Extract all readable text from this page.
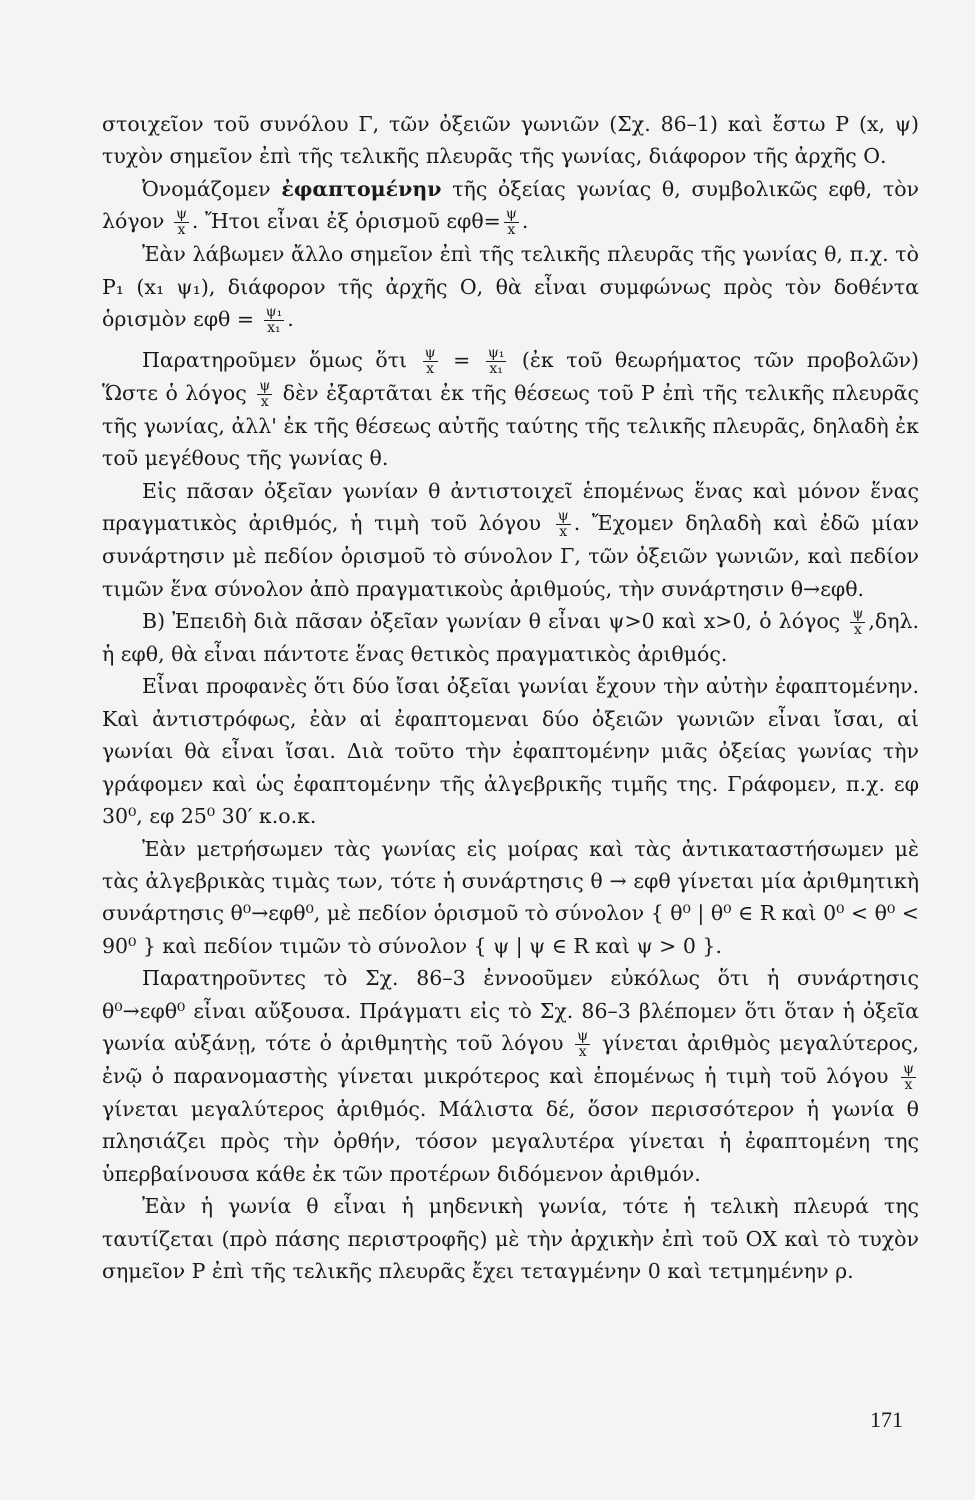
στοιχεῖον τοῦ συνόλου Γ, τῶν ὀξειῶν γωνιῶν (Σχ. 86–1) καὶ ἔστω Ρ (x, ψ) τυχὸν σημεῖον ἐπὶ τῆς τελικῆς πλευρᾶς τῆς γωνίας, διάφορον τῆς ἀρχῆς Ο.

Ὀνομάζομεν ἐφαπτομένην τῆς ὀξείας γωνίας θ, συμβολικῶς εφθ, τὸν λόγον $\frac{\psi}{x}$ . Ἤτοι εἶναι ἐξ ὁρισμοῦ $\varepsilon\varphi\theta= \frac{\psi}{x}$ .

Ἐὰν λάβωμεν ἄλλο σημεῖον ἐπὶ τῆς τελικῆς πλευρᾶς τῆς γωνίας θ, π.χ. τὸ Ρ₁ (x₁ ψ₁), διάφορον τῆς ἀρχῆς Ο, θὰ εἶναι συμφώνως πρὸς τὸν δοθέντα ὁρισμὸν $\varepsilon\varphi\theta = \frac{\text{ψ₁}}{\text{x₁}}$ .

Παρατηροῦμεν ὅμως ὅτι $\frac{\psi}{x} = \frac{\text{ψ₁}}{\text{x₁}}$ (ἐκ τοῦ θεωρήματος τῶν προβολῶν) Ὥστε ὁ λόγος $\frac{\psi}{x}$ δὲν ἐξαρτᾶται ἐκ τῆς θέσεως τοῦ Ρ ἐπὶ τῆς τελικῆς πλευρᾶς τῆς γωνίας, ἀλλ' ἐκ τῆς θέσεως αὐτῆς ταύτης τῆς τελικῆς πλευρᾶς, δηλαδὴ ἐκ τοῦ μεγέθους τῆς γωνίας θ.

Εἰς πᾶσαν ὀξεῖαν γωνίαν θ ἀντιστοιχεῖ ἑπομένως ἕνας καὶ μόνον ἕνας πραγματικὸς ἀριθμός, ἡ τιμὴ τοῦ λόγου $\frac{\psi}{x}$ . Ἔχομεν δηλαδὴ καὶ ἐδῶ μίαν συνάρτησιν μὲ πεδίον ὁρισμοῦ τὸ σύνολον Γ, τῶν ὀξειῶν γωνιῶν, καὶ πεδίον τιμῶν ἕνα σύνολον ἀπὸ πραγματικοὺς ἀριθμούς, τὴν συνάρτησιν θ→εφθ.

Β) Ἐπειδὴ διὰ πᾶσαν ὀξεῖαν γωνίαν θ εἶναι ψ>0 καὶ x>0, ὁ λόγος $\frac{\psi}{x} ,\delta\eta\lambda$. ἡ εφθ, θὰ εἶναι πάντοτε ἕνας θετικὸς πραγματικὸς ἀριθμός.

Εἶναι προφανὲς ὅτι δύο ἴσαι ὀξεῖαι γωνίαι ἔχουν τὴν αὐτὴν ἐφαπτομένην. Καὶ ἀντιστρόφως, ἐὰν αἱ ἐφαπτομεναι δύο ὀξειῶν γωνιῶν εἶναι ἴσαι, αἱ γωνίαι θὰ εἶναι ἴσαι. Διὰ τοῦτο τὴν ἐφαπτομένην μιᾶς ὀξείας γωνίας τὴν γράφομεν καὶ ὡς ἐφαπτομένην τῆς ἀλγεβρικῆς τιμῆς της. Γράφομεν, π.χ. εφ 30⁰, εφ 25⁰ 30′ κ.ο.κ.

Ἐὰν μετρήσωμεν τὰς γωνίας εἰς μοίρας καὶ τὰς ἀντικαταστήσωμεν μὲ τὰς ἀλγεβρικὰς τιμὰς των, τότε ἡ συνάρτησις θ → εφθ γίνεται μία ἀριθμητικὴ συνάρτησις θ⁰→εφθ⁰, μὲ πεδίον ὁρισμοῦ τὸ σύνολον { θ⁰ | θ⁰ ∈ R καὶ 0⁰ < θ⁰ < 90⁰ } καὶ πεδίον τιμῶν τὸ σύνολον { ψ | ψ ∈ R καὶ ψ > 0 }.

Παρατηροῦντες τὸ Σχ. 86–3 ἐννοοῦμεν εὐκόλως ὅτι ἡ συνάρτησις θ⁰→εφθ⁰ εἶναι αὔξουσα. Πράγματι εἰς τὸ Σχ. 86–3 βλέπομεν ὅτι ὅταν ἡ ὀξεῖα γωνία αὐξάνῃ, τότε ὁ ἀριθμητὴς τοῦ λόγου $\frac{\psi}{x}$ γίνεται ἀριθμὸς μεγαλύτερος, ἐνῷ ὁ παρανομαστὴς γίνεται μικρότερος καὶ ἑπομένως ἡ τιμὴ τοῦ λόγου $\frac{\psi}{x}$
γίνεται μεγαλύτερος ἀριθμός. Μάλιστα δέ, ὅσον περισσότερον ἡ γωνία θ πλησιάζει πρὸς τὴν ὀρθήν, τόσον μεγαλυτέρα γίνεται ἡ ἐφαπτομένη της ὑπερβαίνουσα κάθε ἐκ τῶν προτέρων διδόμενον ἀριθμόν.

Ἐὰν ἡ γωνία θ εἶναι ἡ μηδενικὴ γωνία, τότε ἡ τελικὴ πλευρά της ταυτίζεται (πρὸ πάσης περιστροφῆς) μὲ τὴν ἀρχικὴν ἐπὶ τοῦ ΟΧ καὶ τὸ τυχὸν σημεῖον Ρ ἐπὶ τῆς τελικῆς πλευρᾶς ἔχει τεταγμένην 0 καὶ τετμημένην ρ.

171
